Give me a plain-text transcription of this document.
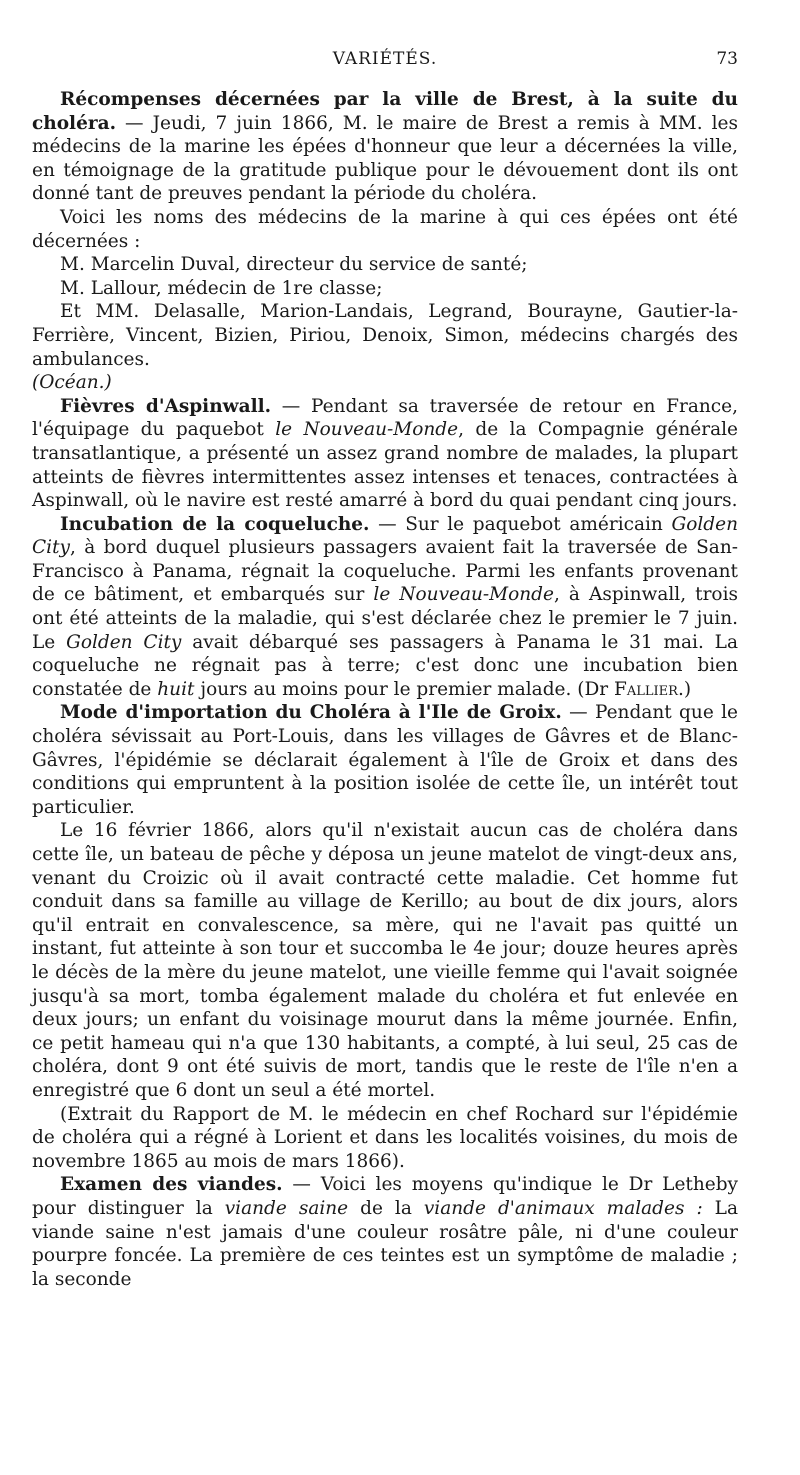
VARIÉTÉS.	73

Récompenses décernées par la ville de Brest, à la suite du choléra. — Jeudi, 7 juin 1866, M. le maire de Brest a remis à MM. les médecins de la marine les épées d'honneur que leur a décernées la ville, en témoignage de la gratitude publique pour le dévouement dont ils ont donné tant de preuves pendant la période du choléra.

Voici les noms des médecins de la marine à qui ces épées ont été décernées :

M. Marcelin Duval, directeur du service de santé;

M. Lallour, médecin de 1re classe;

Et MM. Delasalle, Marion-Landais, Legrand, Bourayne, Gautier-la-Ferrière, Vincent, Bizien, Piriou, Denoix, Simon, médecins chargés des ambulances.

(Océan.)

Fièvres d'Aspinwall. — Pendant sa traversée de retour en France, l'équipage du paquebot le Nouveau-Monde, de la Compagnie générale transatlantique, a présenté un assez grand nombre de malades, la plupart atteints de fièvres intermittentes assez intenses et tenaces, contractées à Aspinwall, où le navire est resté amarré à bord du quai pendant cinq jours.

Incubation de la coqueluche. — Sur le paquebot américain Golden City, à bord duquel plusieurs passagers avaient fait la traversée de San-Francisco à Panama, régnait la coqueluche. Parmi les enfants provenant de ce bâtiment, et embarqués sur le Nouveau-Monde, à Aspinwall, trois ont été atteints de la maladie, qui s'est déclarée chez le premier le 7 juin. Le Golden City avait débarqué ses passagers à Panama le 31 mai. La coqueluche ne régnait pas à terre; c'est donc une incubation bien constatée de huit jours au moins pour le premier malade. (Dr Fallier.)

Mode d'importation du Choléra à l'Ile de Groix. — Pendant que le choléra sévissait au Port-Louis, dans les villages de Gâvres et de Blanc-Gâvres, l'épidémie se déclarait également à l'île de Groix et dans des conditions qui empruntent à la position isolée de cette île, un intérêt tout particulier.

Le 16 février 1866, alors qu'il n'existait aucun cas de choléra dans cette île, un bateau de pêche y déposa un jeune matelot de vingt-deux ans, venant du Croizic où il avait contracté cette maladie. Cet homme fut conduit dans sa famille au village de Kerillo; au bout de dix jours, alors qu'il entrait en convalescence, sa mère, qui ne l'avait pas quitté un instant, fut atteinte à son tour et succomba le 4e jour; douze heures après le décès de la mère du jeune matelot, une vieille femme qui l'avait soignée jusqu'à sa mort, tomba également malade du choléra et fut enlevée en deux jours; un enfant du voisinage mourut dans la même journée. Enfin, ce petit hameau qui n'a que 130 habitants, a compté, à lui seul, 25 cas de choléra, dont 9 ont été suivis de mort, tandis que le reste de l'île n'en a enregistré que 6 dont un seul a été mortel.

(Extrait du Rapport de M. le médecin en chef Rochard sur l'épidémie de choléra qui a régné à Lorient et dans les localités voisines, du mois de novembre 1865 au mois de mars 1866).

Examen des viandes. — Voici les moyens qu'indique le Dr Letheby pour distinguer la viande saine de la viande d'animaux malades : La viande saine n'est jamais d'une couleur rosâtre pâle, ni d'une couleur pourpre foncée. La première de ces teintes est un symptôme de maladie ; la seconde
